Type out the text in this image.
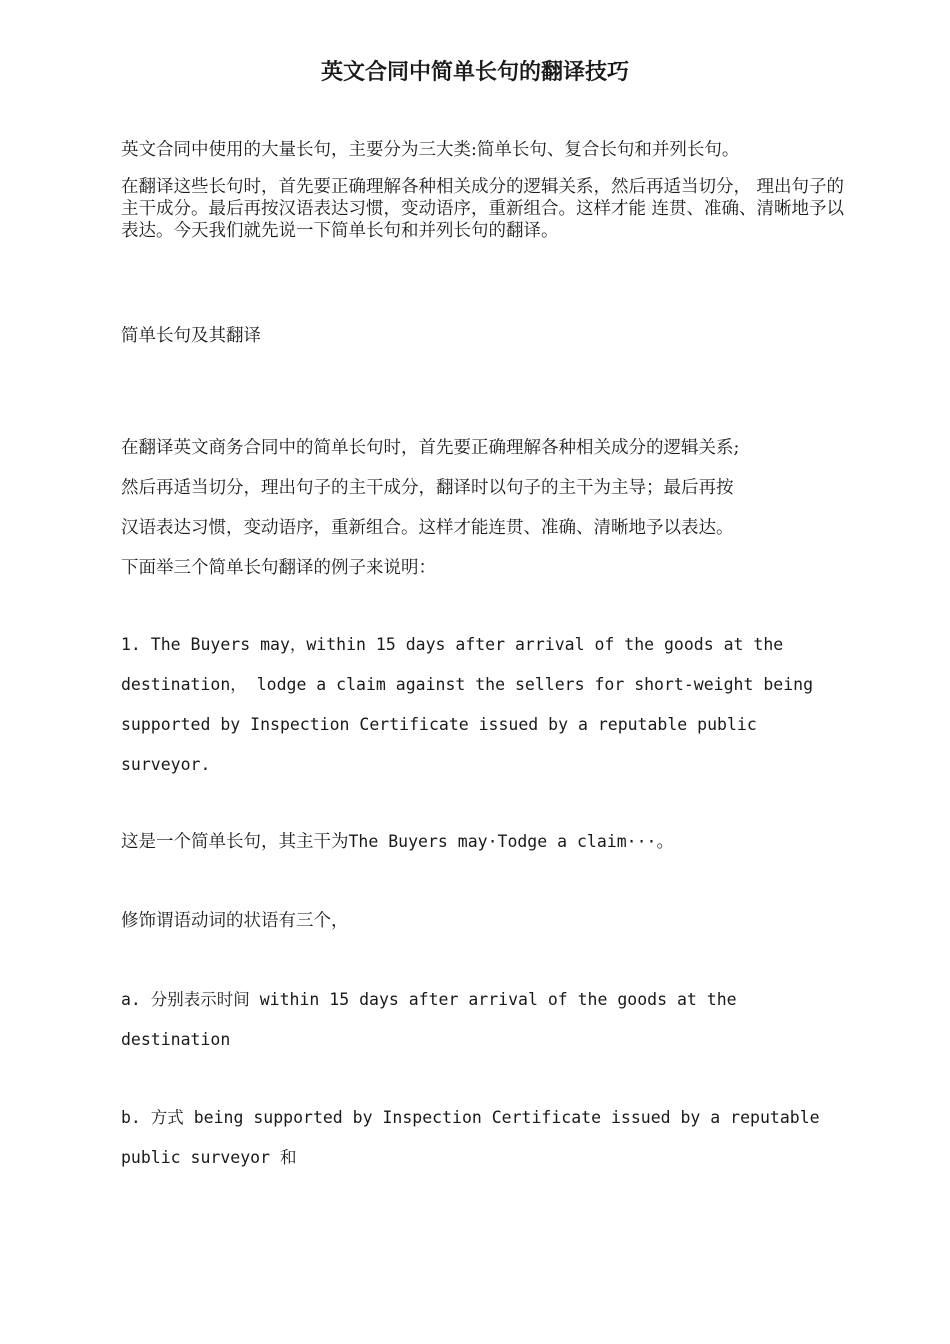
英文合同中简单长句的翻译技巧

英文合同中使用的大量长句，主要分为三大类:简单长句、复合长句和并列长句。

在翻译这些长句时，首先要正确理解各种相关成分的逻辑关系，然后再适当切分， 理出句子的主干成分。最后再按汉语表达习惯，变动语序，重新组合。这样才能 连贯、准确、清晰地予以表达。今天我们就先说一下简单长句和并列长句的翻译。

简单长句及其翻译

在翻译英文商务合同中的简单长句时，首先要正确理解各种相关成分的逻辑关系;
然后再适当切分，理出句子的主干成分，翻译时以句子的主干为主导；最后再按
汉语表达习惯，变动语序，重新组合。这样才能连贯、准确、清晰地予以表达。
下面举三个简单长句翻译的例子来说明：
1. The Buyers may，within 15 days after arrival of the goods at the
destination， lodge a claim against the sellers for short-weight being
supported by Inspection Certificate issued by a reputable public
surveyor.

这是一个简单长句，其主干为The Buyers may·Todge a claim···。

修饰谓语动词的状语有三个，

a. 分别表示时间 within 15 days after arrival of the goods at the
destination
b. 方式 being supported by Inspection Certificate issued by a reputable
public surveyor 和
